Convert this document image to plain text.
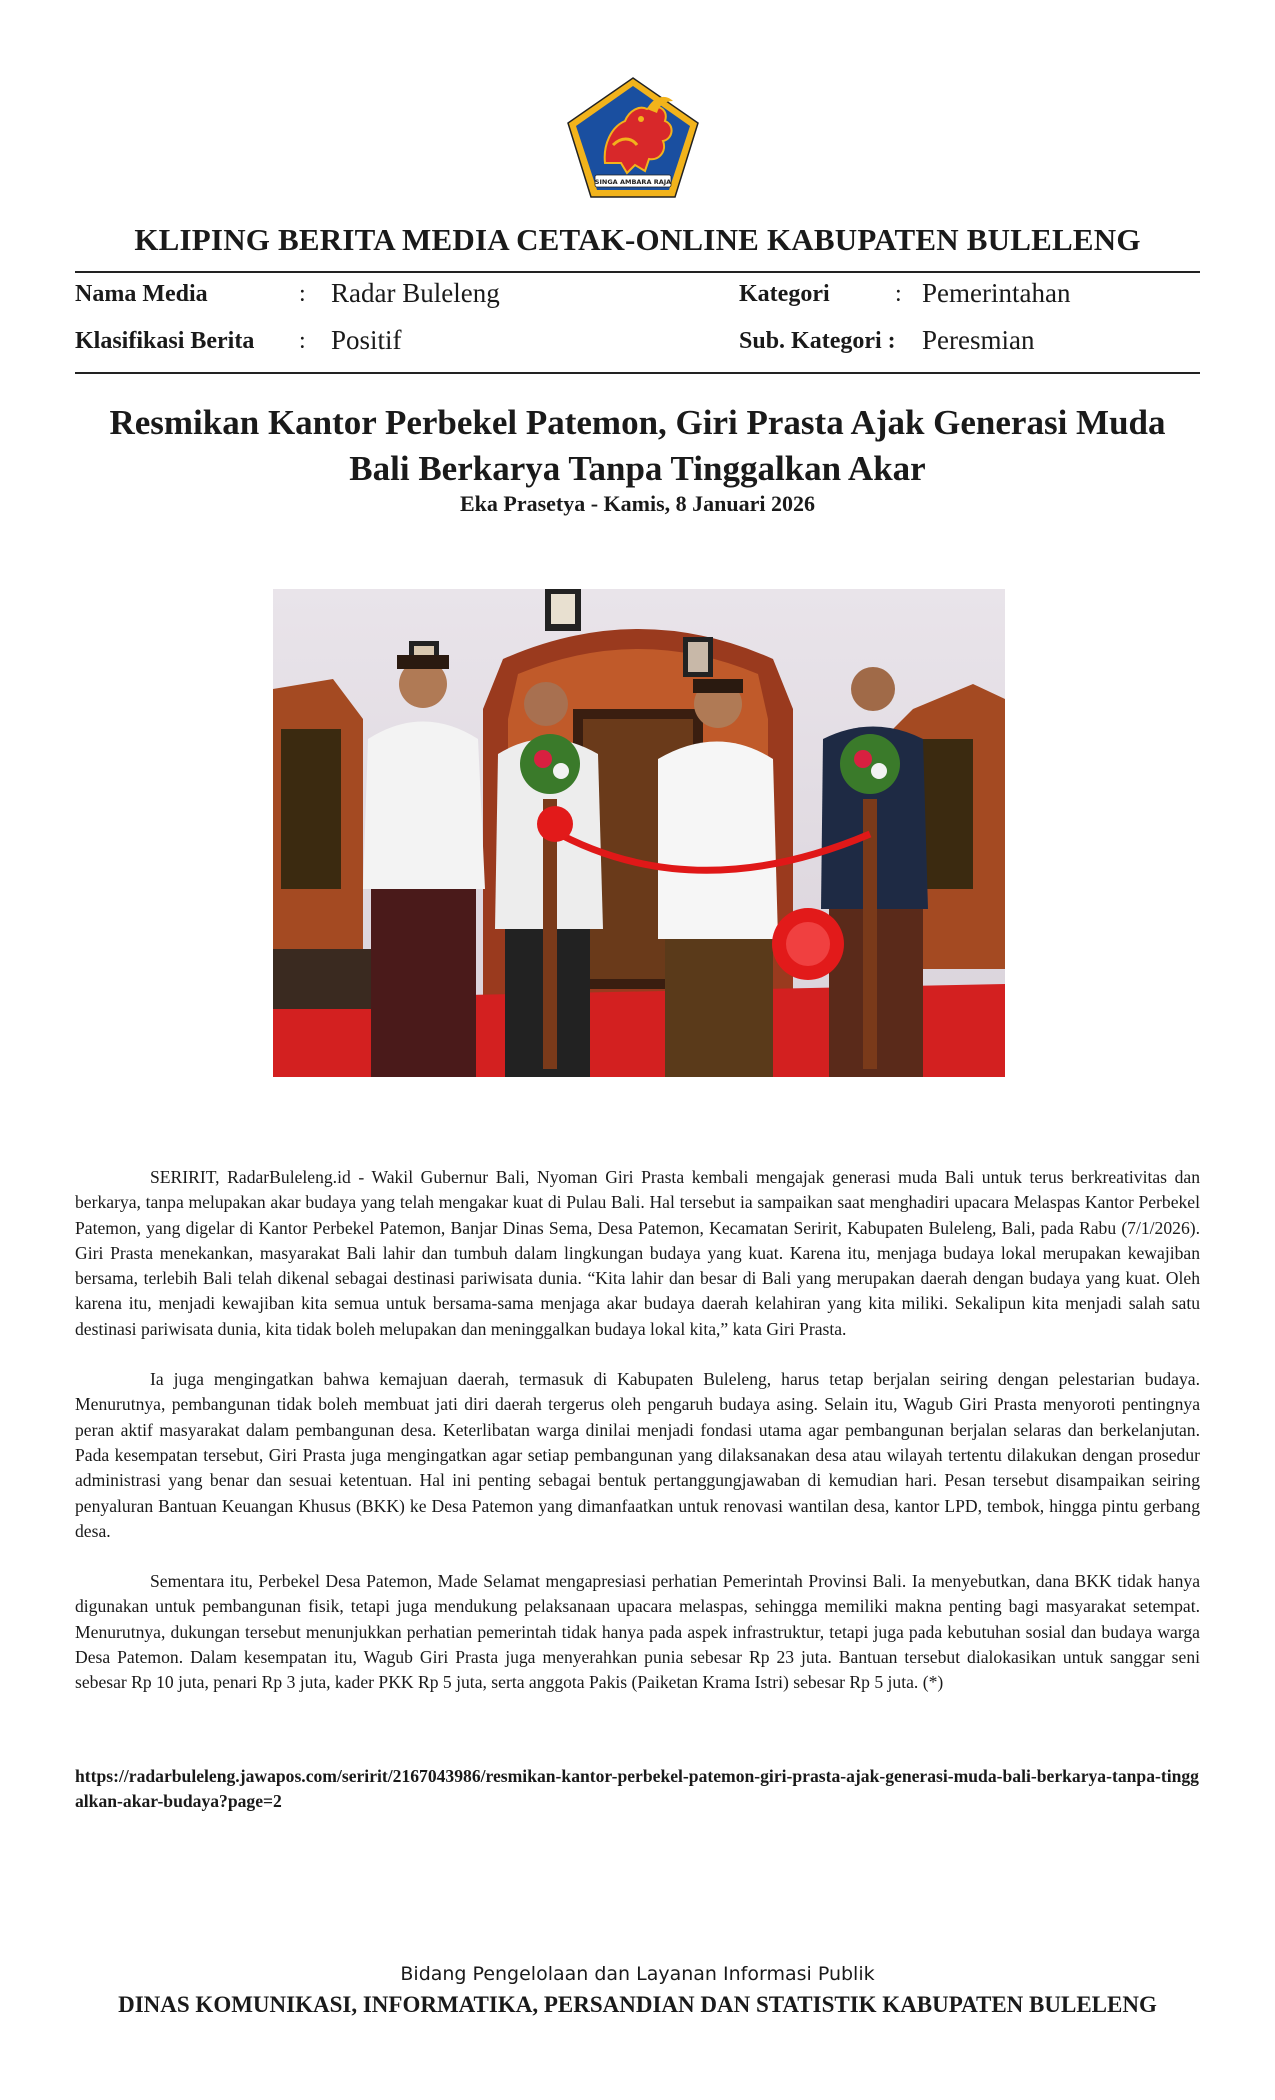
SINGA AMBARA RAJA
KLIPING BERITA MEDIA CETAK-ONLINE KABUPATEN BULELENG
Nama Media	: Radar Buleleng	Kategori	: Pemerintahan
Klasifikasi Berita : Positif	Sub. Kategori : Peresmian
Resmikan Kantor Perbekel Patemon, Giri Prasta Ajak Generasi Muda
Bali Berkarya Tanpa Tinggalkan Akar
Eka Prasetya - Kamis, 8 Januari 2026

SERIRIT, RadarBuleleng.id - Wakil Gubernur Bali, Nyoman Giri Prasta kembali mengajak generasi muda Bali untuk terus berkreativitas dan berkarya, tanpa melupakan akar budaya yang telah mengakar kuat di Pulau Bali. Hal tersebut ia sampaikan saat menghadiri upacara Melaspas Kantor Perbekel Patemon, yang digelar di Kantor Perbekel Patemon, Banjar Dinas Sema, Desa Patemon, Kecamatan Seririt, Kabupaten Buleleng, Bali, pada Rabu (7/1/2026). Giri Prasta menekankan, masyarakat Bali lahir dan tumbuh dalam lingkungan budaya yang kuat. Karena itu, menjaga budaya lokal merupakan kewajiban bersama, terlebih Bali telah dikenal sebagai destinasi pariwisata dunia. “Kita lahir dan besar di Bali yang merupakan daerah dengan budaya yang kuat. Oleh karena itu, menjadi kewajiban kita semua untuk bersama-sama menjaga akar budaya daerah kelahiran yang kita miliki. Sekalipun kita menjadi salah satu destinasi pariwisata dunia, kita tidak boleh melupakan dan meninggalkan budaya lokal kita,” kata Giri Prasta.

Ia juga mengingatkan bahwa kemajuan daerah, termasuk di Kabupaten Buleleng, harus tetap berjalan seiring dengan pelestarian budaya. Menurutnya, pembangunan tidak boleh membuat jati diri daerah tergerus oleh pengaruh budaya asing. Selain itu, Wagub Giri Prasta menyoroti pentingnya peran aktif masyarakat dalam pembangunan desa. Keterlibatan warga dinilai menjadi fondasi utama agar pembangunan berjalan selaras dan berkelanjutan. Pada kesempatan tersebut, Giri Prasta juga mengingatkan agar setiap pembangunan yang dilaksanakan desa atau wilayah tertentu dilakukan dengan prosedur administrasi yang benar dan sesuai ketentuan. Hal ini penting sebagai bentuk pertanggungjawaban di kemudian hari. Pesan tersebut disampaikan seiring penyaluran Bantuan Keuangan Khusus (BKK) ke Desa Patemon yang dimanfaatkan untuk renovasi wantilan desa, kantor LPD, tembok, hingga pintu gerbang desa.

Sementara itu, Perbekel Desa Patemon, Made Selamat mengapresiasi perhatian Pemerintah Provinsi Bali. Ia menyebutkan, dana BKK tidak hanya digunakan untuk pembangunan fisik, tetapi juga mendukung pelaksanaan upacara melaspas, sehingga memiliki makna penting bagi masyarakat setempat. Menurutnya, dukungan tersebut menunjukkan perhatian pemerintah tidak hanya pada aspek infrastruktur, tetapi juga pada kebutuhan sosial dan budaya warga Desa Patemon. Dalam kesempatan itu, Wagub Giri Prasta juga menyerahkan punia sebesar Rp 23 juta. Bantuan tersebut dialokasikan untuk sanggar seni sebesar Rp 10 juta, penari Rp 3 juta, kader PKK Rp 5 juta, serta anggota Pakis (Paiketan Krama Istri) sebesar Rp 5 juta. (*)

https://radarbuleleng.jawapos.com/seririt/2167043986/resmikan-kantor-perbekel-patemon-giri-prasta-ajak-generasi-muda-bali-berkarya-tanpa-tinggalkan-akar-budaya?page=2
Bidang Pengelolaan dan Layanan Informasi Publik
DINAS KOMUNIKASI, INFORMATIKA, PERSANDIAN DAN STATISTIK KABUPATEN BULELENG
